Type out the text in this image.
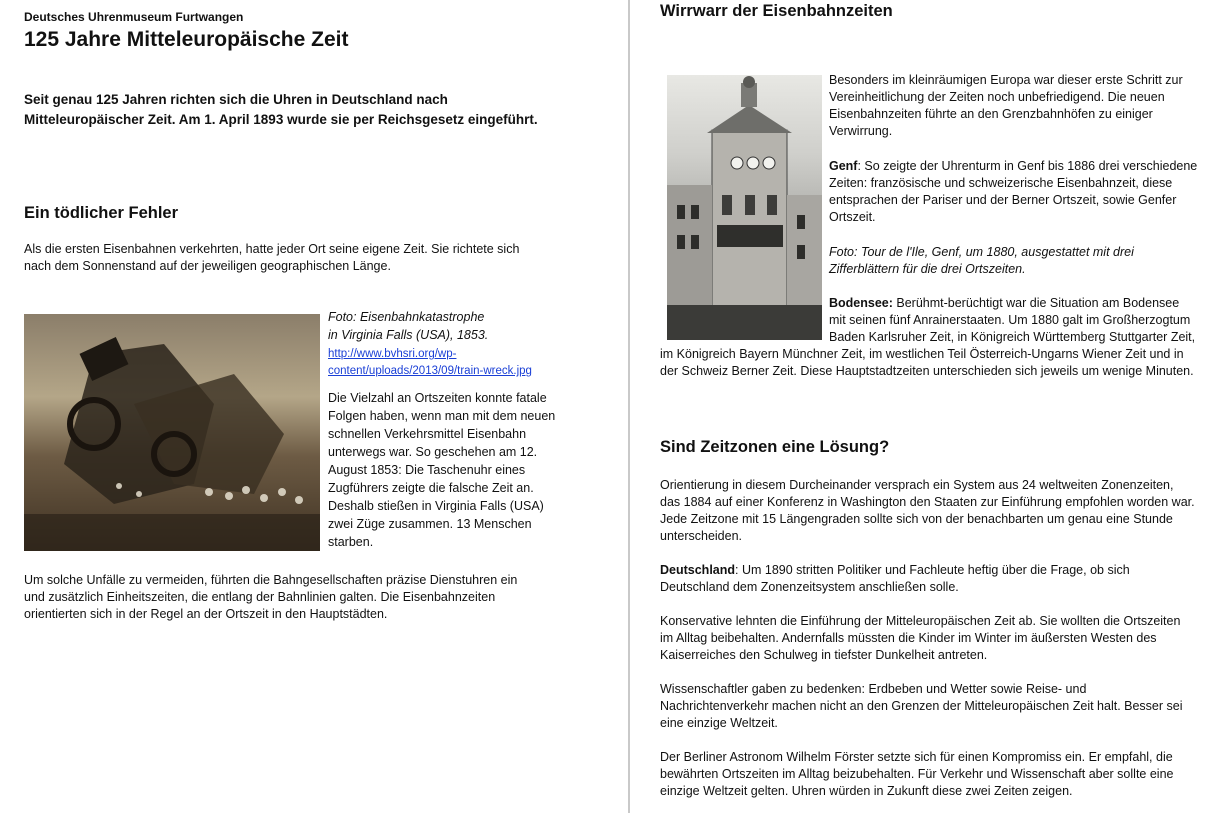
Deutsches Uhrenmuseum Furtwangen
125 Jahre Mitteleuropäische Zeit

Seit genau 125 Jahren richten sich die Uhren in Deutschland nach Mitteleuropäischer Zeit. Am 1. April 1893 wurde sie per Reichsgesetz eingeführt.

Ein tödlicher Fehler

Als die ersten Eisenbahnen verkehrten, hatte jeder Ort seine eigene Zeit. Sie richtete sich nach dem Sonnenstand auf der jeweiligen geographischen Länge.

Foto: Eisenbahnkatastrophe

in Virginia Falls (USA), 1853.

http://www.bvhsri.org/wp-

content/uploads/2013/09/train-wreck.jpg

Die Vielzahl an Ortszeiten konnte fatale Folgen haben, wenn man mit dem neuen schnellen Verkehrsmittel Eisenbahn unterwegs war. So geschehen am 12. August 1853: Die Taschenuhr eines Zugführers zeigte die falsche Zeit an. Deshalb stießen in Virginia Falls (USA) zwei Züge zusammen. 13 Menschen starben.

Um solche Unfälle zu vermeiden, führten die Bahngesellschaften präzise Dienstuhren ein und zusätzlich Einheitszeiten, die entlang der Bahnlinien galten. Die Eisenbahnzeiten orientierten sich in der Regel an der Ortszeit in den Hauptstädten.

Wirrwarr der Eisenbahnzeiten

Besonders im kleinräumigen Europa war dieser erste Schritt zur Vereinheitlichung der Zeiten noch unbefriedigend. Die neuen Eisenbahnzeiten führte an den Grenzbahnhöfen zu einiger Verwirrung.

Genf: So zeigte der Uhrenturm in Genf bis 1886 drei verschiedene Zeiten: französische und schweizerische Eisenbahnzeit, diese entsprachen der Pariser und der Berner Ortszeit, sowie Genfer Ortszeit.

Foto: Tour de l'Ile, Genf, um 1880, ausgestattet mit drei Zifferblättern für die drei Ortszeiten.

Bodensee: Berühmt-berüchtigt war die Situation am Bodensee mit seinen fünf Anrainerstaaten. Um 1880 galt im Großherzogtum Baden Karlsruher Zeit, in Königreich Württemberg Stuttgarter Zeit, im Königreich Bayern Münchner Zeit, im westlichen Teil Österreich-Ungarns Wiener Zeit und in der Schweiz Berner Zeit. Diese Hauptstadtzeiten unterschieden sich jeweils um wenige Minuten.
Sind Zeitzonen eine Lösung?

Orientierung in diesem Durcheinander versprach ein System aus 24 weltweiten Zonenzeiten, das 1884 auf einer Konferenz in Washington den Staaten zur Einführung empfohlen worden war. Jede Zeitzone mit 15 Längengraden sollte sich von der benachbarten um genau eine Stunde unterscheiden.

Deutschland: Um 1890 stritten Politiker und Fachleute heftig über die Frage, ob sich Deutschland dem Zonenzeitsystem anschließen solle.

Konservative lehnten die Einführung der Mitteleuropäischen Zeit ab. Sie wollten die Ortszeiten im Alltag beibehalten. Andernfalls müssten die Kinder im Winter im äußersten Westen des Kaiserreiches den Schulweg in tiefster Dunkelheit antreten.

Wissenschaftler gaben zu bedenken: Erdbeben und Wetter sowie Reise- und Nachrichtenverkehr machen nicht an den Grenzen der Mitteleuropäischen Zeit halt. Besser sei eine einzige Weltzeit.

Der Berliner Astronom Wilhelm Förster setzte sich für einen Kompromiss ein. Er empfahl, die bewährten Ortszeiten im Alltag beizubehalten. Für Verkehr und Wissenschaft aber sollte eine einzige Weltzeit gelten. Uhren würden in Zukunft diese zwei Zeiten zeigen.
